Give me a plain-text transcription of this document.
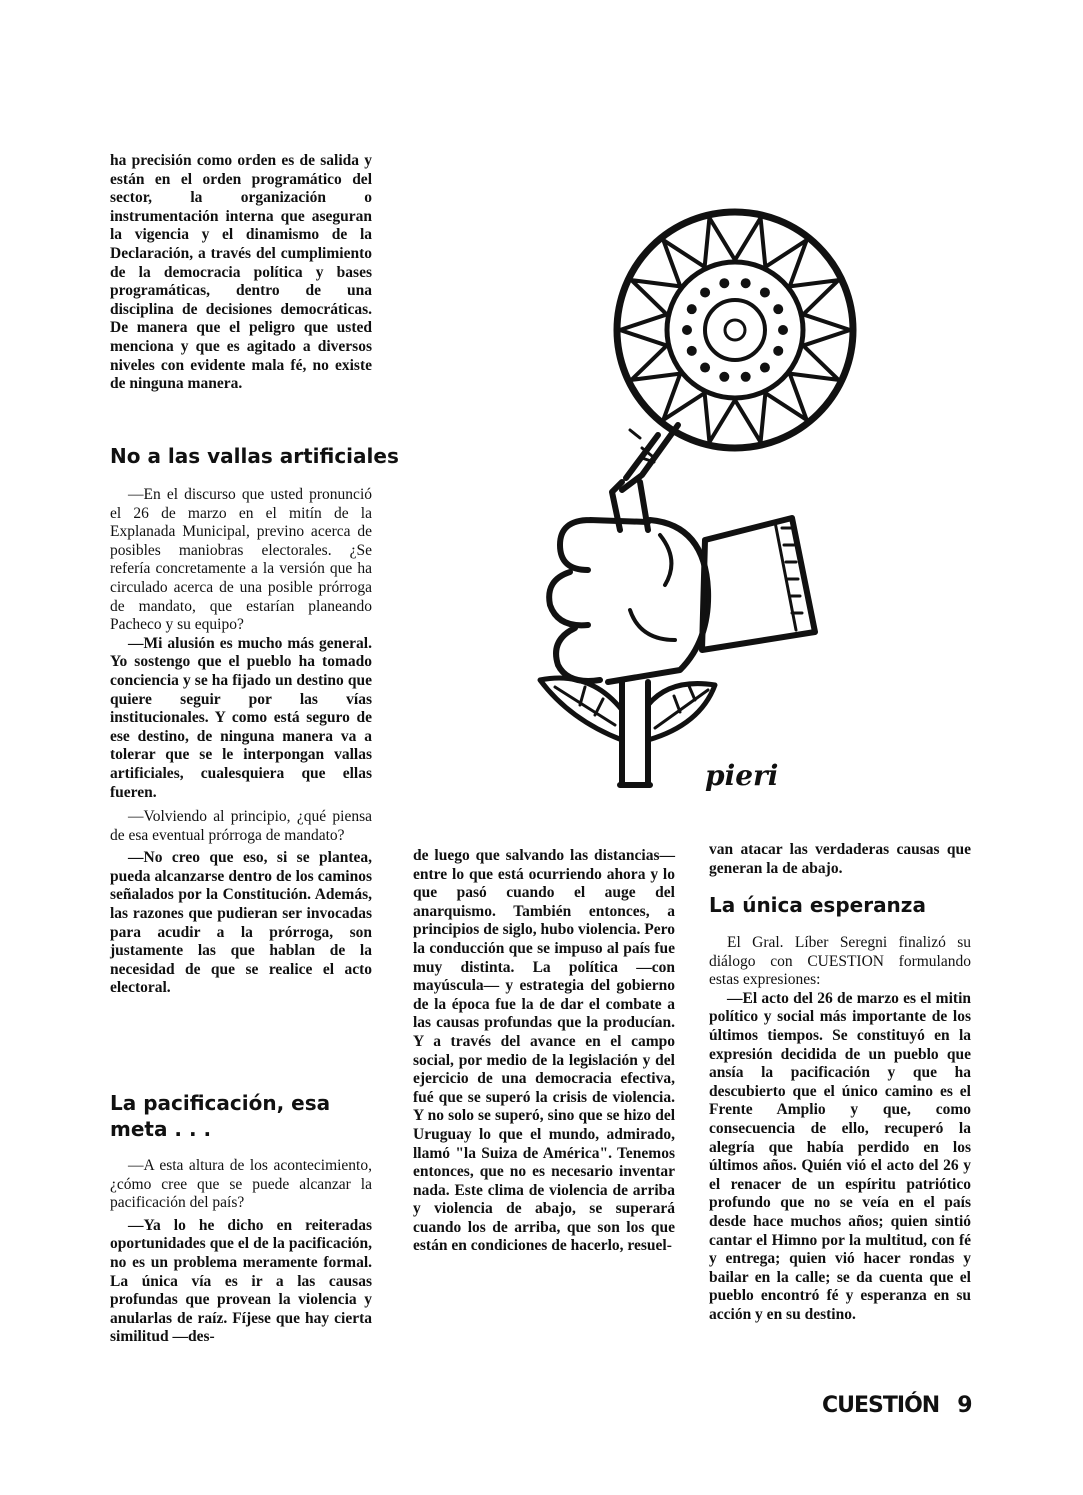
ha precisión como orden es de salida y están en el orden programático del sector, la organización o instrumentación interna que aseguran la vigencia y el dinamismo de la Declaración, a través del cumplimiento de la democracia política y bases programáticas, dentro de una disciplina de decisiones democráticas. De manera que el peligro que usted menciona y que es agitado a diversos niveles con evidente mala fé, no existe de ninguna manera.

No a las vallas artificiales

—En el discurso que usted pronunció el 26 de marzo en el mitín de la Explanada Municipal, previno acerca de posibles maniobras electorales. ¿Se refería concretamente a la versión que ha circulado acerca de una posible prórroga de mandato, que estarían planeando Pacheco y su equipo?

—Mi alusión es mucho más general. Yo sostengo que el pueblo ha tomado conciencia y se ha fijado un destino que quiere seguir por las vías institucionales. Y como está seguro de ese destino, de ninguna manera va a tolerar que se le interpongan vallas artificiales, cualesquiera que ellas fueren.

—Volviendo al principio, ¿qué piensa de esa eventual prórroga de mandato?

—No creo que eso, si se plantea, pueda alcanzarse dentro de los caminos señalados por la Constitución. Además, las razones que pudieran ser invocadas para acudir a la prórroga, son justamente las que hablan de la necesidad de que se realice el acto electoral.

La pacificación, esa meta . . .

—A esta altura de los acontecimiento, ¿cómo cree que se puede alcanzar la pacificación del país?

—Ya lo he dicho en reiteradas oportunidades que el de la pacificación, no es un problema meramente formal. La única vía es ir a las causas profundas que provean la violencia y anularlas de raíz. Fíjese que hay cierta similitud —des-

de luego que salvando las distancias— entre lo que está ocurriendo ahora y lo que pasó cuando el auge del anarquismo. También entonces, a principios de siglo, hubo violencia. Pero la conducción que se impuso al país fue muy distinta. La política —con mayúscula— y estrategia del gobierno de la época fue la de dar el combate a las causas profundas que la producían. Y a través del avance en el campo social, por medio de la legislación y del ejercicio de una democracia efectiva, fué que se superó la crisis de violencia. Y no solo se superó, sino que se hizo del Uruguay lo que el mundo, admirado, llamó "la Suiza de América". Tenemos entonces, que no es necesario inventar nada. Este clima de violencia de arriba y violencia de abajo, se superará cuando los de arriba, que son los que están en condiciones de hacerlo, resuel-

van atacar las verdaderas causas que generan la de abajo.

La única esperanza

El Gral. Líber Seregni finalizó su diálogo con CUESTION formulando estas expresiones:

—El acto del 26 de marzo es el mitin político y social más importante de los últimos tiempos. Se constituyó en la expresión decidida de un pueblo que ansía la pacificación y que ha descubierto que el único camino es el Frente Amplio y que, como consecuencia de ello, recuperó la alegría que había perdido en los últimos años. Quién vió el acto del 26 y el renacer de un espíritu patriótico profundo que no se veía en el país desde hace muchos años; quien sintió cantar el Himno por la multitud, con fé y entrega; quien vió hacer rondas y bailar en la calle; se da cuenta que el pueblo encontró fé y esperanza en su acción y en su destino.

pieri
CUESTIÓN 9
